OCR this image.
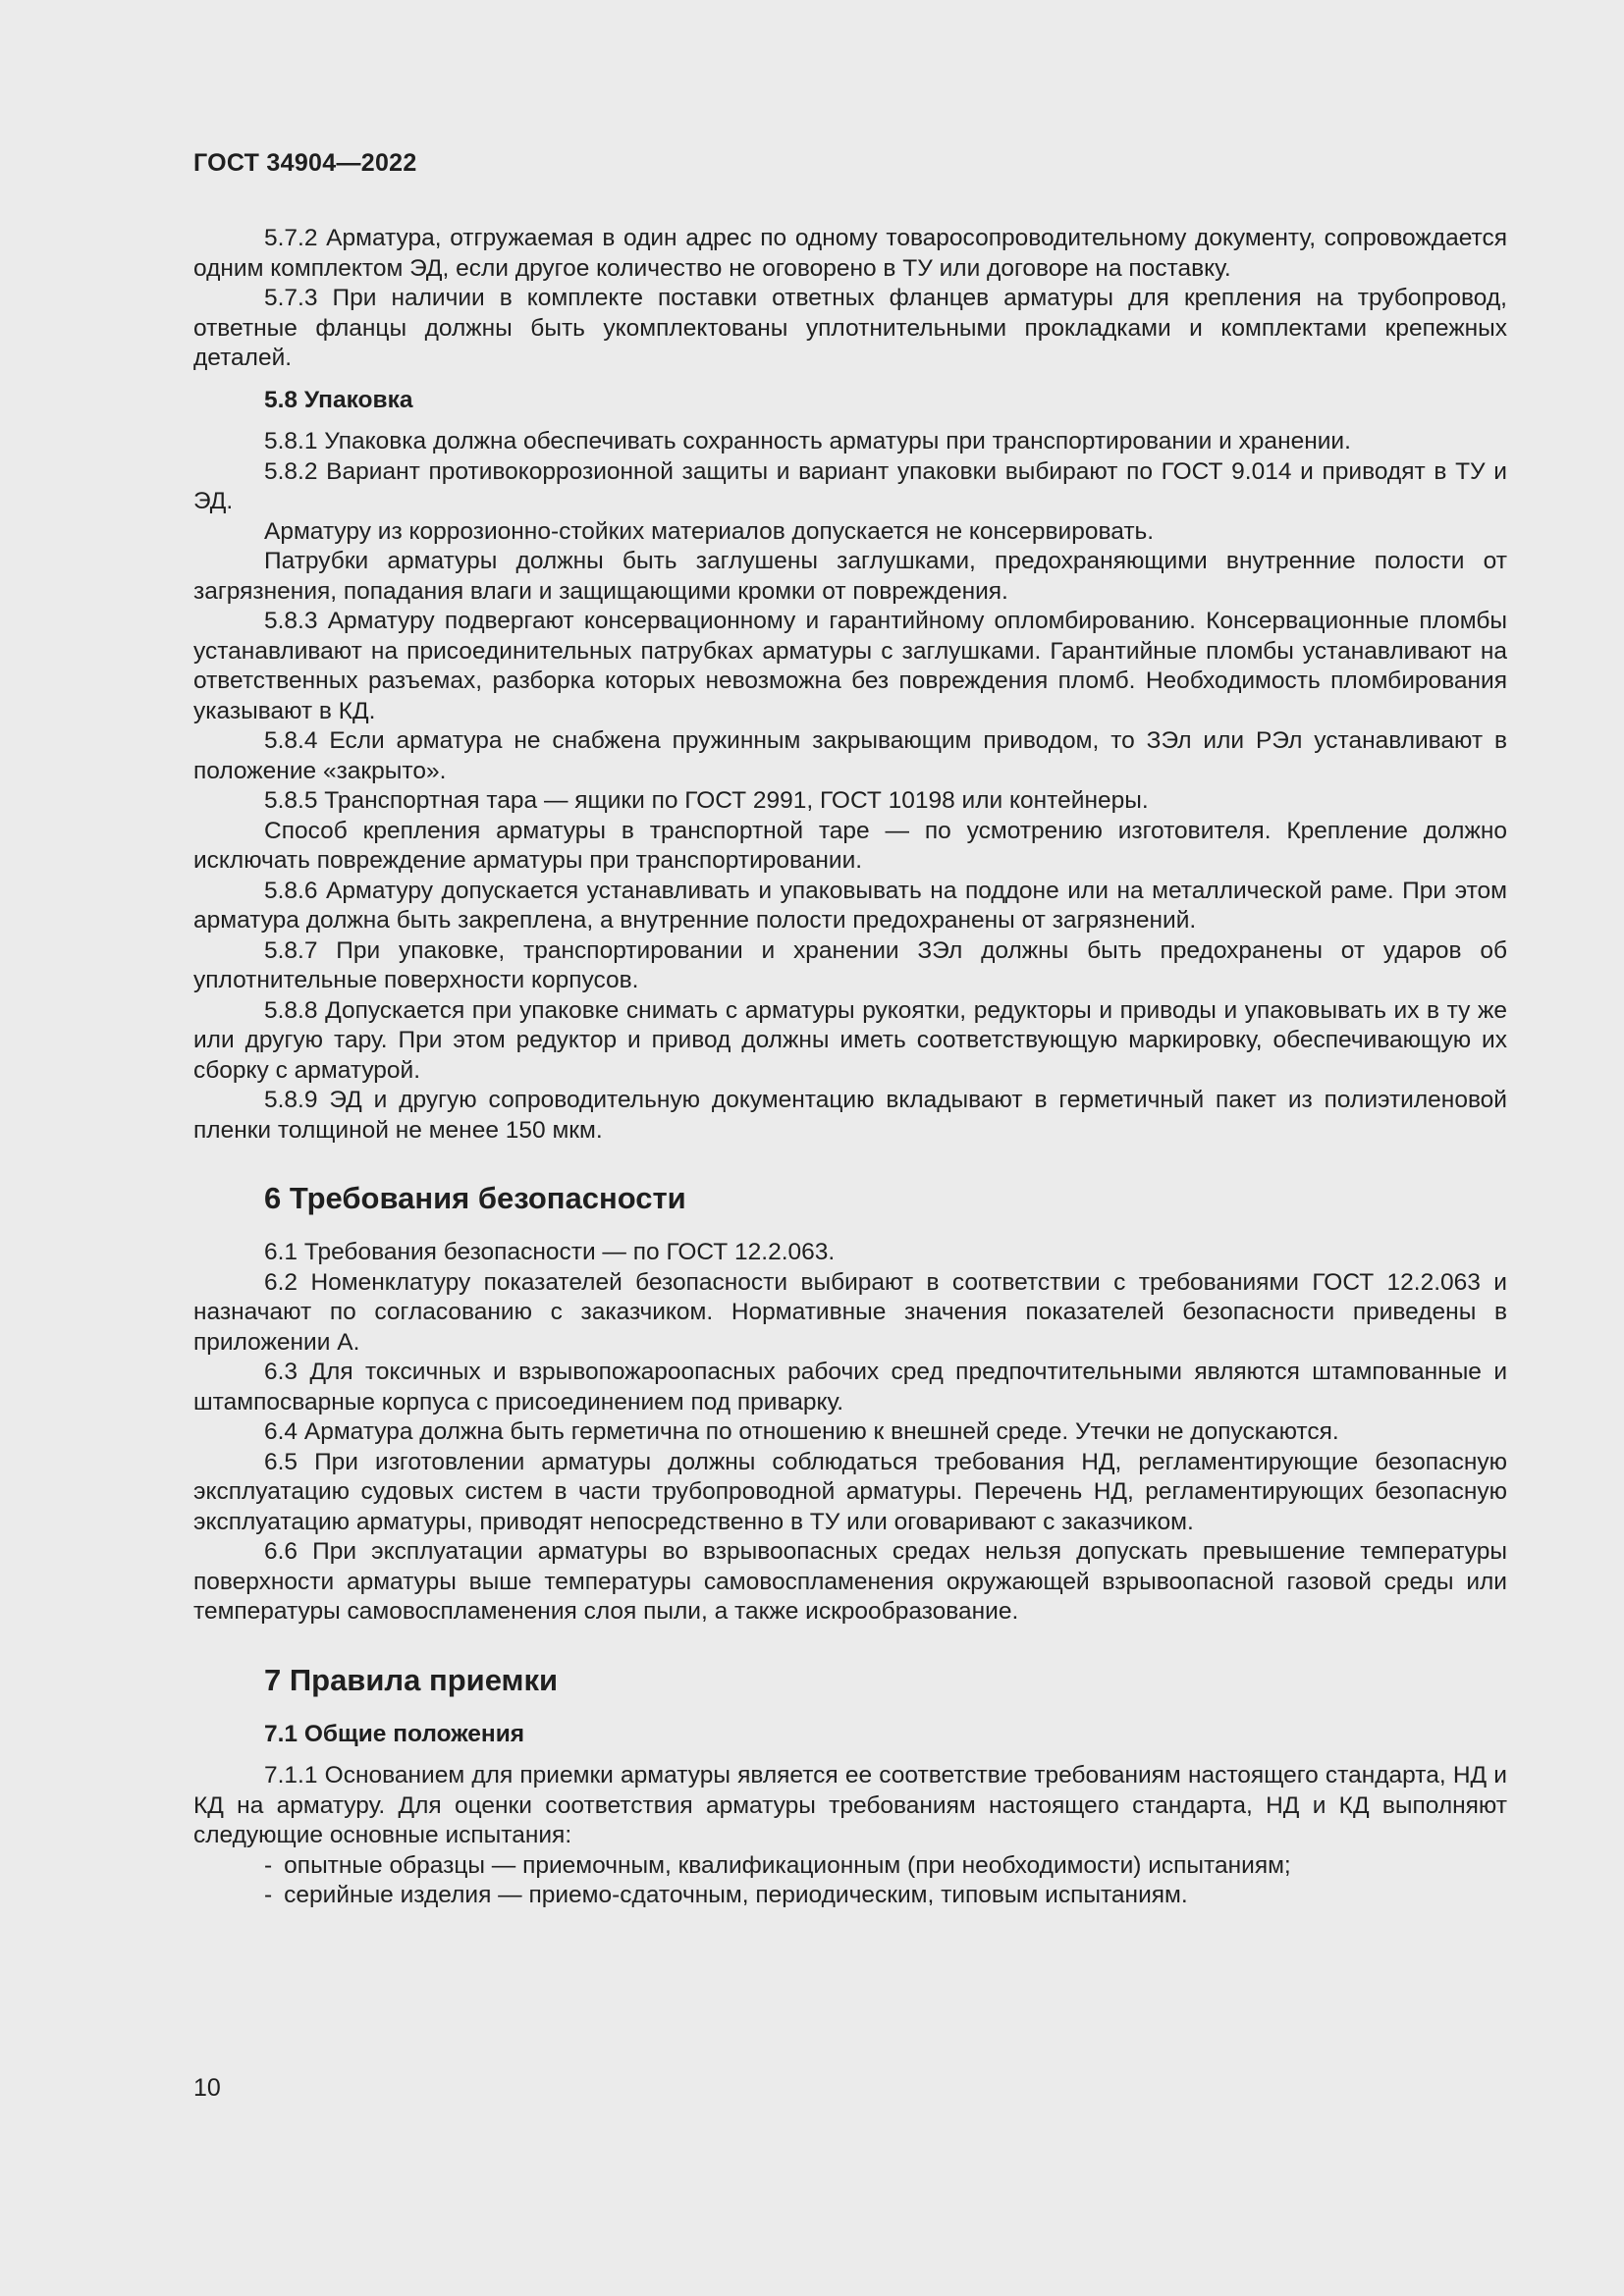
ГОСТ 34904—2022

5.7.2 Арматура, отгружаемая в один адрес по одному товаросопроводительному документу, сопровождается одним комплектом ЭД, если другое количество не оговорено в ТУ или договоре на поставку.

5.7.3 При наличии в комплекте поставки ответных фланцев арматуры для крепления на трубопровод, ответные фланцы должны быть укомплектованы уплотнительными прокладками и комплектами крепежных деталей.

5.8 Упаковка

5.8.1 Упаковка должна обеспечивать сохранность арматуры при транспортировании и хранении.

5.8.2 Вариант противокоррозионной защиты и вариант упаковки выбирают по ГОСТ 9.014 и приводят в ТУ и ЭД.

Арматуру из коррозионно-стойких материалов допускается не консервировать.

Патрубки арматуры должны быть заглушены заглушками, предохраняющими внутренние полости от загрязнения, попадания влаги и защищающими кромки от повреждения.

5.8.3 Арматуру подвергают консервационному и гарантийному опломбированию. Консервационные пломбы устанавливают на присоединительных патрубках арматуры с заглушками. Гарантийные пломбы устанавливают на ответственных разъемах, разборка которых невозможна без повреждения пломб. Необходимость пломбирования указывают в КД.

5.8.4 Если арматура не снабжена пружинным закрывающим приводом, то ЗЭл или РЭл устанавливают в положение «закрыто».

5.8.5 Транспортная тара — ящики по ГОСТ 2991, ГОСТ 10198 или контейнеры.

Способ крепления арматуры в транспортной таре — по усмотрению изготовителя. Крепление должно исключать повреждение арматуры при транспортировании.

5.8.6 Арматуру допускается устанавливать и упаковывать на поддоне или на металлической раме. При этом арматура должна быть закреплена, а внутренние полости предохранены от загрязнений.

5.8.7 При упаковке, транспортировании и хранении ЗЭл должны быть предохранены от ударов об уплотнительные поверхности корпусов.

5.8.8 Допускается при упаковке снимать с арматуры рукоятки, редукторы и приводы и упаковывать их в ту же или другую тару. При этом редуктор и привод должны иметь соответствующую маркировку, обеспечивающую их сборку с арматурой.

5.8.9 ЭД и другую сопроводительную документацию вкладывают в герметичный пакет из полиэтиленовой пленки толщиной не менее 150 мкм.

6 Требования безопасности

6.1 Требования безопасности — по ГОСТ 12.2.063.

6.2 Номенклатуру показателей безопасности выбирают в соответствии с требованиями ГОСТ 12.2.063 и назначают по согласованию с заказчиком. Нормативные значения показателей безопасности приведены в приложении А.

6.3 Для токсичных и взрывопожароопасных рабочих сред предпочтительными являются штампованные и штампосварные корпуса с присоединением под приварку.

6.4 Арматура должна быть герметична по отношению к внешней среде. Утечки не допускаются.

6.5 При изготовлении арматуры должны соблюдаться требования НД, регламентирующие безопасную эксплуатацию судовых систем в части трубопроводной арматуры. Перечень НД, регламентирующих безопасную эксплуатацию арматуры, приводят непосредственно в ТУ или оговаривают с заказчиком.

6.6 При эксплуатации арматуры во взрывоопасных средах нельзя допускать превышение температуры поверхности арматуры выше температуры самовоспламенения окружающей взрывоопасной газовой среды или температуры самовоспламенения слоя пыли, а также искрообразование.

7 Правила приемки
7.1 Общие положения

7.1.1 Основанием для приемки арматуры является ее соответствие требованиям настоящего стандарта, НД и КД на арматуру. Для оценки соответствия арматуры требованиям настоящего стандарта, НД и КД выполняют следующие основные испытания:

- опытные образцы — приемочным, квалификационным (при необходимости) испытаниям;
- серийные изделия — приемо-сдаточным, периодическим, типовым испытаниям.
10
